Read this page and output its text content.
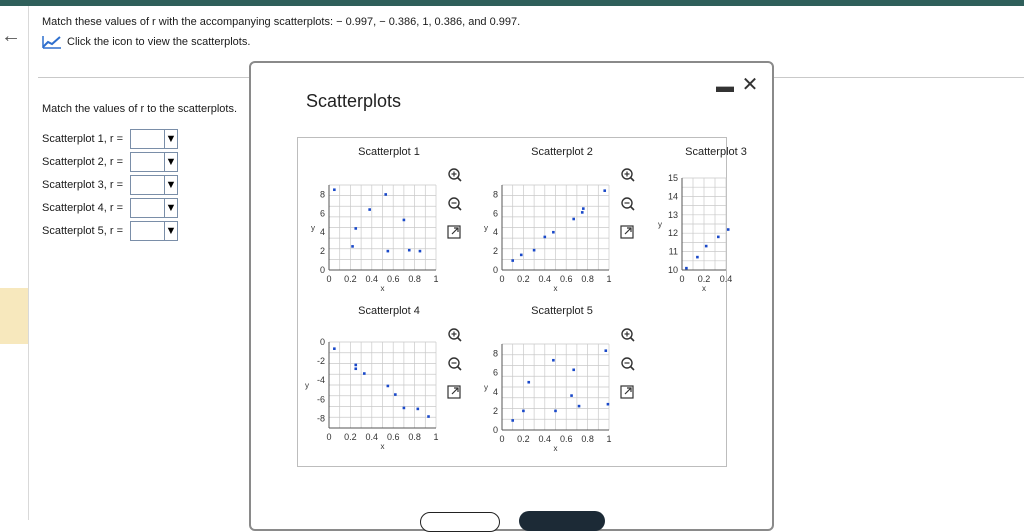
←
Match these values of r with the accompanying scatterplots: − 0.997, − 0.386, 1, 0.386, and 0.997.
Click the icon to view the scatterplots.
Match the values of r to the scatterplots.
Scatterplot 1, r =	▼
Scatterplot 2, r =	▼
Scatterplot 3, r =	▼
Scatterplot 4, r =	▼
Scatterplot 5, r =	▼
Scatterplots
▬ ✕
Scatterplot 1
0 0.2 0.4 0.6 0.8 1
0
2
4
6
8
x
y
Scatterplot 2
0 0.2 0.4 0.6 0.8 1
0
2
4
6
8
x
y
Scatterplot 3
0 0.2 0.4
10
11
12
13
14
15
x
y
Scatterplot 4
0 0.2 0.4 0.6 0.8 1
0
-2
-4
-6
-8
x
y
Scatterplot 5
0 0.2 0.4 0.6 0.8 1
0
2
4
6
8
x
y
